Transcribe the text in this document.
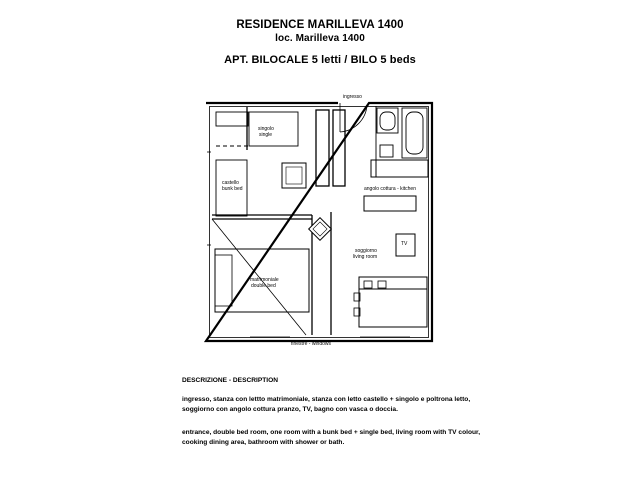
RESIDENCE MARILLEVA 1400
loc. Marilleva 1400
APT. BILOCALE 5 letti / BILO 5 beds
ingresso
singolo
single
castello
bunk bed	angolo cottura - kitchen
soggiorno
living room
TV
matrimoniale
double bed
finestre - windows
DESCRIZIONE - DESCRIPTION
ingresso, stanza con lettto matrimoniale, stanza con letto castello + singolo e poltrona letto, soggiorno con angolo cottura pranzo, TV, bagno con vasca o doccia.
entrance, double bed room, one room with a bunk bed + single bed, living room with TV colour, cooking dining area, bathroom with shower or bath.
